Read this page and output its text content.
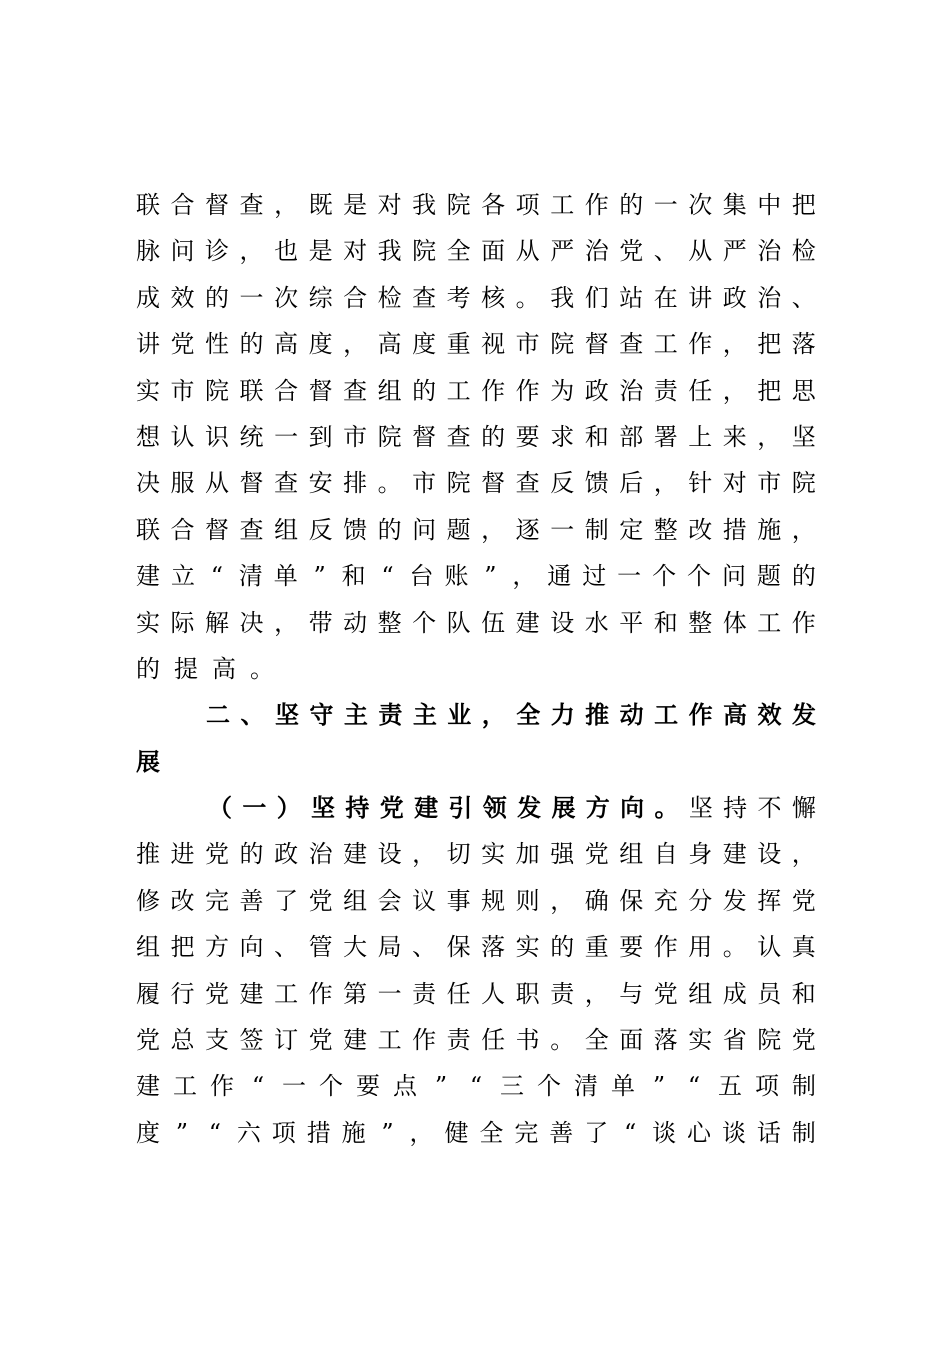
联 合 督 查 ， 既 是 对 我 院 各 项 工 作 的 一 次 集 中 把
脉 问 诊 ， 也 是 对 我 院 全 面 从 严 治 党 、 从 严 治 检
成 效 的 一 次 综 合 检 查 考 核 。 我 们 站 在 讲 政 治 、
讲 党 性 的 高 度 ， 高 度 重 视 市 院 督 查 工 作 ， 把 落
实 市 院 联 合 督 查 组 的 工 作 作 为 政 治 责 任 ， 把 思
想 认 识 统 一 到 市 院 督 查 的 要 求 和 部 署 上 来 ， 坚
决 服 从 督 查 安 排 。 市 院 督 查 反 馈 后 ， 针 对 市 院
联 合 督 查 组 反 馈 的 问 题 ， 逐 一 制 定 整 改 措 施 ，
建 立 “ 清 单 ” 和 “ 台 账 ” ， 通 过 一 个 个 问 题 的
实 际 解 决 ， 带 动 整 个 队 伍 建 设 水 平 和 整 体 工 作
的 提 高 。
二 、 坚 守 主 责 主 业 ， 全 力 推 动 工 作 高 效 发
展
（ 一 ） 坚 持 党 建 引 领 发 展 方 向 。 坚 持 不 懈
推 进 党 的 政 治 建 设 ， 切 实 加 强 党 组 自 身 建 设 ，
修 改 完 善 了 党 组 会 议 事 规 则 ， 确 保 充 分 发 挥 党
组 把 方 向 、 管 大 局 、 保 落 实 的 重 要 作 用 。 认 真
履 行 党 建 工 作 第 一 责 任 人 职 责 ， 与 党 组 成 员 和
党 总 支 签 订 党 建 工 作 责 任 书 。 全 面 落 实 省 院 党
建 工 作 “ 一 个 要 点 ” “ 三 个 清 单 ” “ 五 项 制
度 ” “ 六 项 措 施 ” ， 健 全 完 善 了 “ 谈 心 谈 话 制
